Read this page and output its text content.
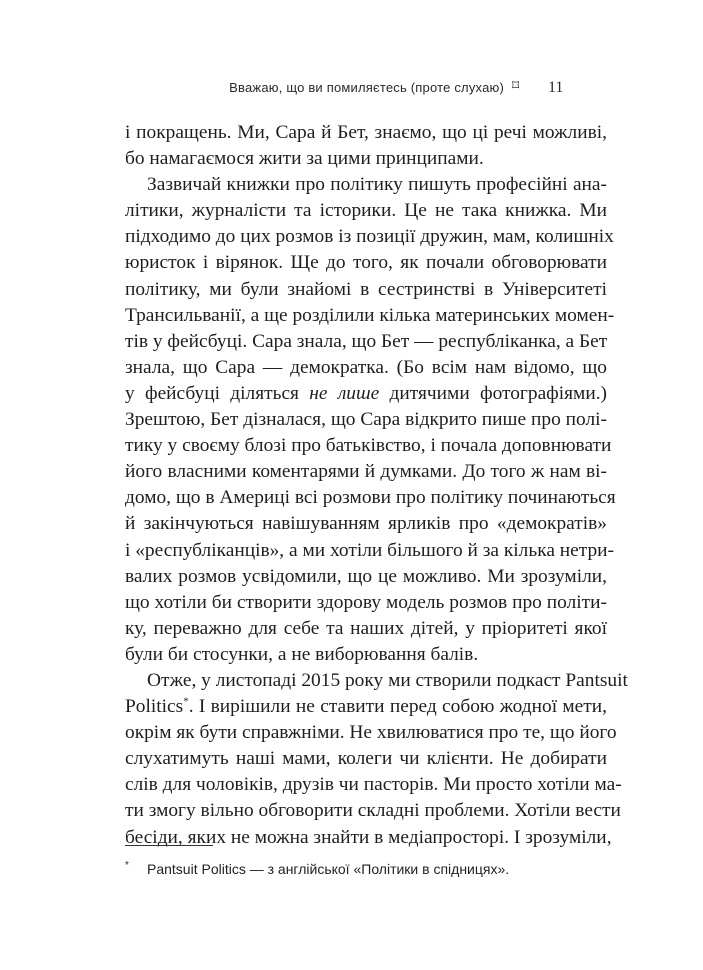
Вважаю, що ви помиляєтесь (проте слухаю) ⌑ 11
і покращень. Ми, Сара й Бет, знаємо, що ці речі можливі,
бо намагаємося жити за цими принципами.
Зазвичай книжки про політику пишуть професійні ана-
літики, журналісти та історики. Це не така книжка. Ми
підходимо до цих розмов із позиції дружин, мам, колишніх
юристок і вірянок. Ще до того, як почали обговорювати
політику, ми були знайомі в сестринстві в Університеті
Трансильванії, а ще розділили кілька материнських момен-
тів у фейсбуці. Сара знала, що Бет — республіканка, а Бет
знала, що Сара — демократка. (Бо всім нам відомо, що
у фейсбуці діляться не лише дитячими фотографіями.)
Зрештою, Бет дізналася, що Сара відкрито пише про полі-
тику у своєму блозі про батьківство, і почала доповнювати
його власними коментарями й думками. До того ж нам ві-
домо, що в Америці всі розмови про політику починаються
й закінчуються навішуванням ярликів про «демократів»
і «республіканців», а ми хотіли більшого й за кілька нетри-
валих розмов усвідомили, що це можливо. Ми зрозуміли,
що хотіли би створити здорову модель розмов про політи-
ку, переважно для себе та наших дітей, у пріоритеті якої
були би стосунки, а не виборювання балів.
Отже, у листопаді 2015 року ми створили подкаст Pantsuit
Politics*. І вирішили не ставити перед собою жодної мети,
окрім як бути справжніми. Не хвилюватися про те, що його
слухатимуть наші мами, колеги чи клієнти. Не добирати
слів для чоловіків, друзів чи пасторів. Ми просто хотіли ма-
ти змогу вільно обговорити складні проблеми. Хотіли вести
бесіди, яких не можна знайти в медіапросторі. І зрозуміли,
* Pantsuit Politics — з англійської «Політики в спідницях».
